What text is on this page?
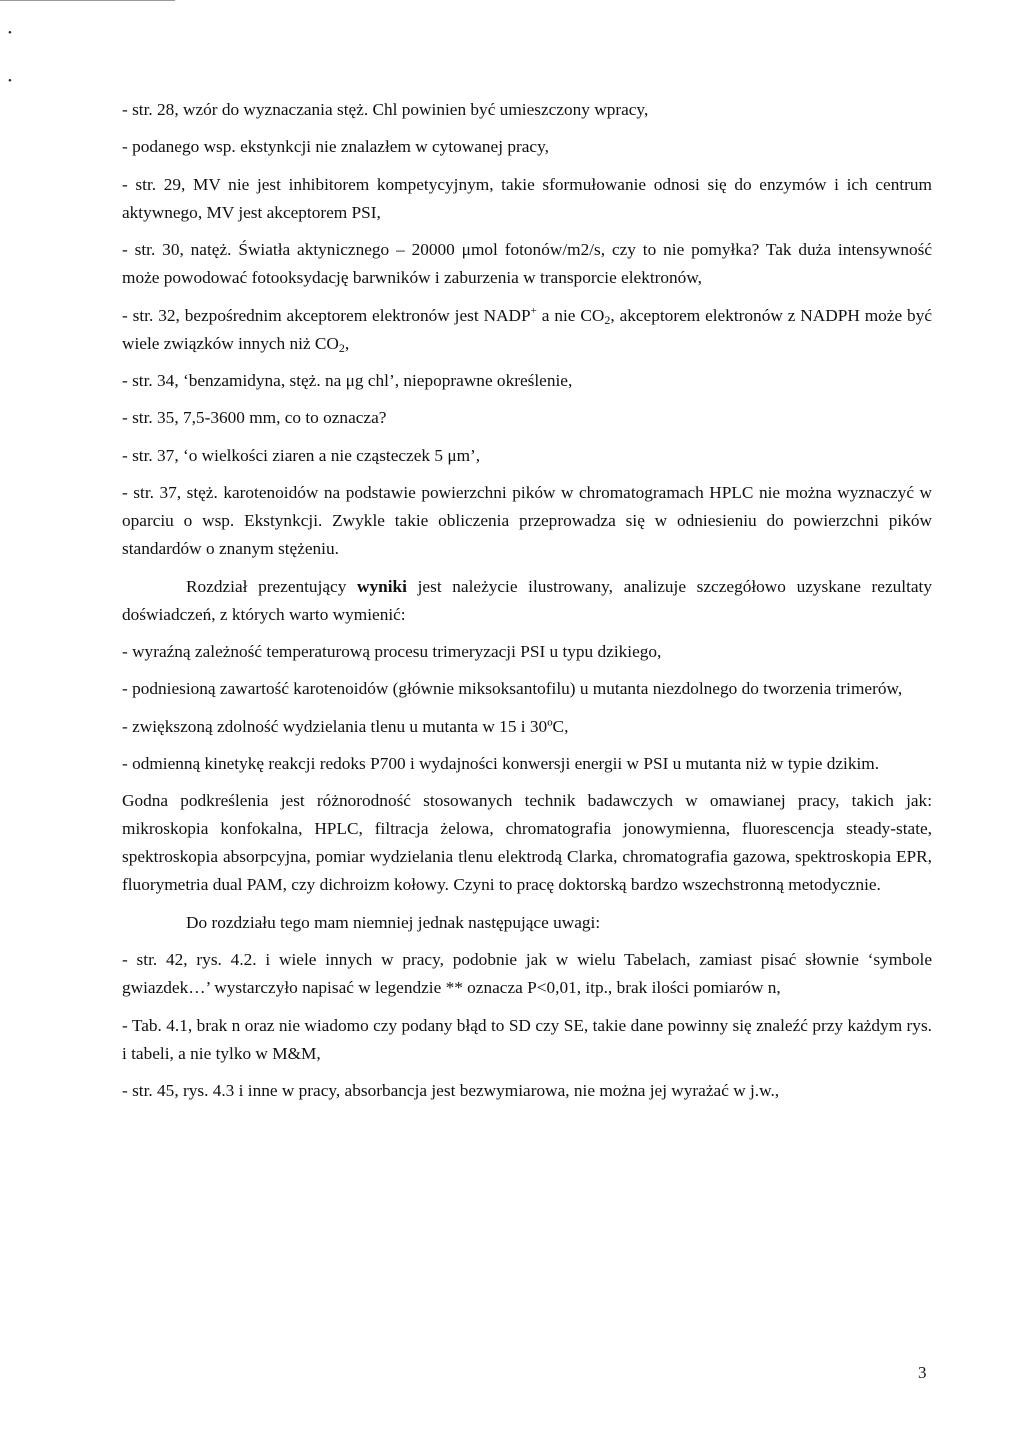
•
•

- str. 28, wzór do wyznaczania stęż. Chl powinien być umieszczony wpracy,

- podanego wsp. ekstynkcji nie znalazłem w cytowanej pracy,

- str. 29, MV nie jest inhibitorem kompetycyjnym, takie sformułowanie odnosi się do enzymów i ich centrum aktywnego, MV jest akceptorem PSI,

- str. 30, natęż. Światła aktynicznego – 20000 μmol fotonów/m2/s, czy to nie pomyłka? Tak duża intensywność może powodować fotooksydację barwników i zaburzenia w transporcie elektronów,

- str. 32, bezpośrednim akceptorem elektronów jest NADP+ a nie $CO_2$, akceptorem elektronów z NADPH może być wiele związków innych niż $CO_2$,

- str. 34, ‘benzamidyna, stęż. na μg chl’, niepoprawne określenie,

- str. 35, 7,5-3600 mm, co to oznacza?

- str. 37, ‘o wielkości ziaren a nie cząsteczek 5 μm’,

- str. 37, stęż. karotenoidów na podstawie powierzchni pików w chromatogramach HPLC nie można wyznaczyć w oparciu o wsp. Ekstynkcji. Zwykle takie obliczenia przeprowadza się w odniesieniu do powierzchni pików standardów o znanym stężeniu.

Rozdział prezentujący wyniki jest należycie ilustrowany, analizuje szczegółowo uzyskane rezultaty doświadczeń, z których warto wymienić:

- wyraźną zależność temperaturową procesu trimeryzacji PSI u typu dzikiego,

- podniesioną zawartość karotenoidów (głównie miksoksantofilu) u mutanta niezdolnego do tworzenia trimerów,

- zwiększoną zdolność wydzielania tlenu u mutanta w 15 i 30ºC,

- odmienną kinetykę reakcji redoks P700 i wydajności konwersji energii w PSI u mutanta niż w typie dzikim.

Godna podkreślenia jest różnorodność stosowanych technik badawczych w omawianej pracy, takich jak: mikroskopia konfokalna, HPLC, filtracja żelowa, chromatografia jonowymienna, fluorescencja steady-state, spektroskopia absorpcyjna, pomiar wydzielania tlenu elektrodą Clarka, chromatografia gazowa, spektroskopia EPR, fluorymetria dual PAM, czy dichroizm kołowy. Czyni to pracę doktorską bardzo wszechstronną metodycznie.

Do rozdziału tego mam niemniej jednak następujące uwagi:

- str. 42, rys. 4.2. i wiele innych w pracy, podobnie jak w wielu Tabelach, zamiast pisać słownie ‘symbole gwiazdek…’ wystarczyło napisać w legendzie ** oznacza P<0,01, itp., brak ilości pomiarów n,

- Tab. 4.1, brak n oraz nie wiadomo czy podany błąd to SD czy SE, takie dane powinny się znaleźć przy każdym rys. i tabeli, a nie tylko w M&M,

- str. 45, rys. 4.3 i inne w pracy, absorbancja jest bezwymiarowa, nie można jej wyrażać w j.w.,

3
